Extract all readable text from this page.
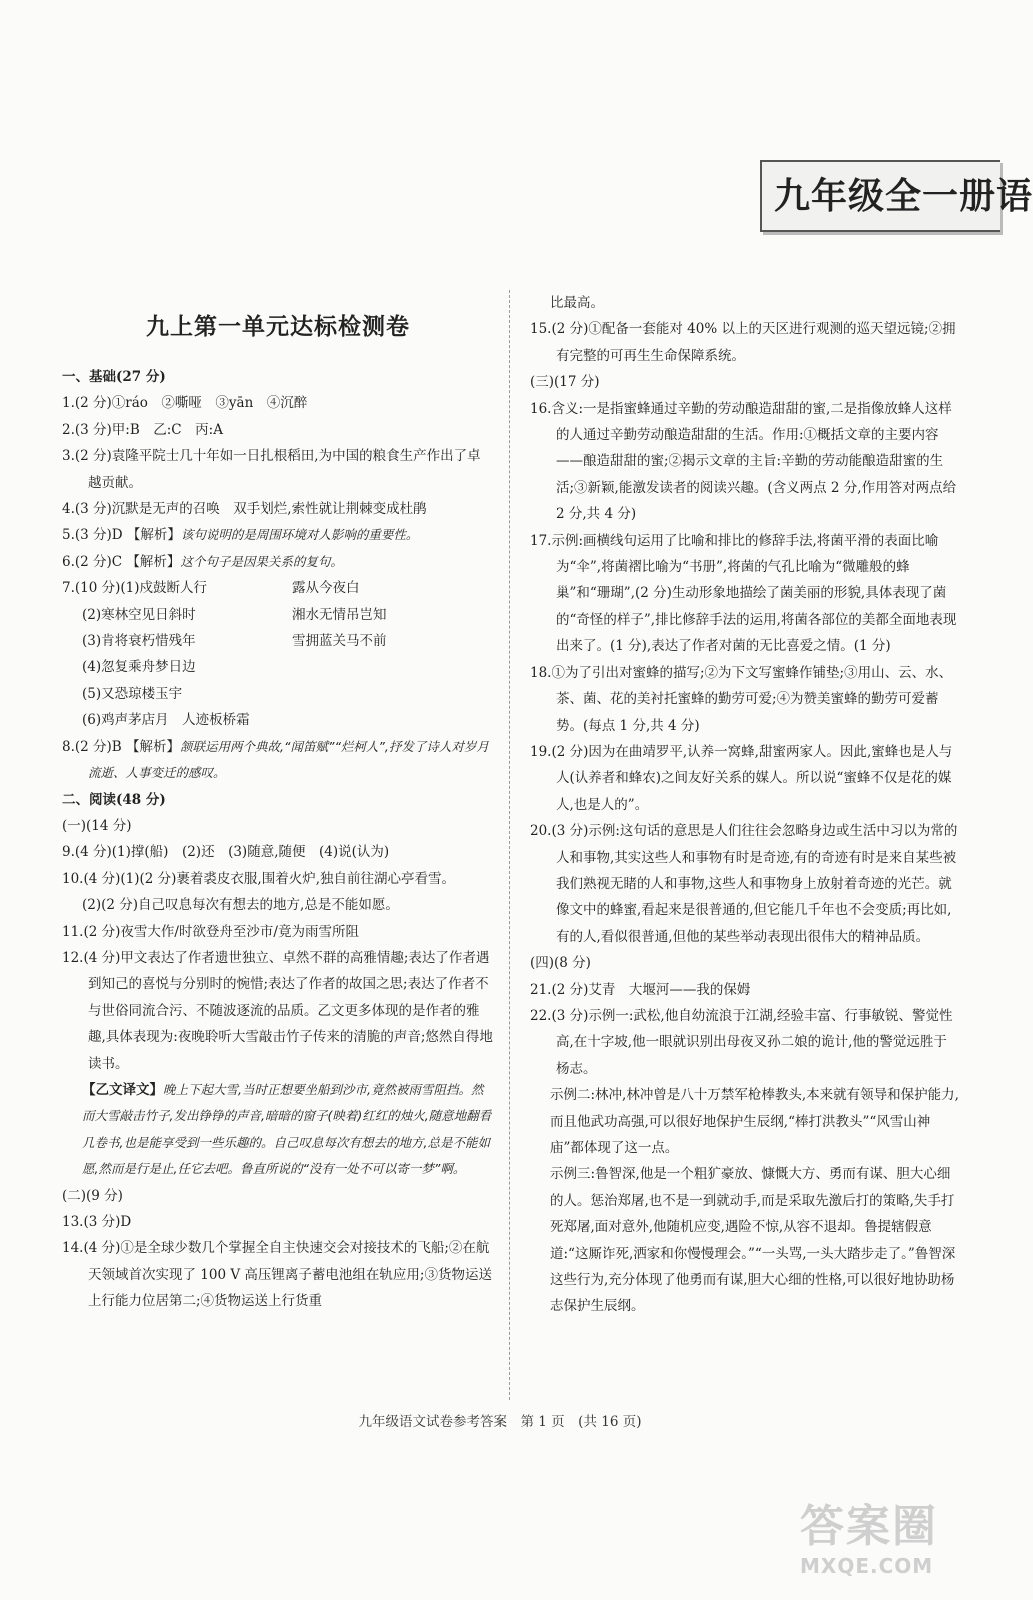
九年级全一册语
九上第一单元达标检测卷

一、基础(27 分)

1.(2 分)①ráo　②嘶哑　③yān　④沉醉

2.(3 分)甲:B　乙:C　丙:A

3.(2 分)袁隆平院士几十年如一日扎根稻田,为中国的粮食生产作出了卓越贡献。

4.(3 分)沉默是无声的召唤　双手划烂,索性就让荆棘变成杜鹃

5.(3 分)D 【解析】该句说明的是周围环境对人影响的重要性。

6.(2 分)C 【解析】这个句子是因果关系的复句。

7.(10 分)(1)戍鼓断人行	露从今夜白
(2)寒林空见日斜时	湘水无情吊岂知
(3)肯将衰朽惜残年	雪拥蓝关马不前
(4)忽复乘舟梦日边
(5)又恐琼楼玉宇
(6)鸡声茅店月　人迹板桥霜

8.(2 分)B 【解析】颔联运用两个典故,“闻笛赋”“烂柯人”,抒发了诗人对岁月流逝、人事变迁的感叹。

二、阅读(48 分)

(一)(14 分)

9.(4 分)(1)撑(船)　(2)还　(3)随意,随便　(4)说(认为)

10.(4 分)(1)(2 分)裹着裘皮衣服,围着火炉,独自前往湖心亭看雪。

(2)(2 分)自己叹息每次有想去的地方,总是不能如愿。

11.(2 分)夜雪大作/时欲登舟至沙市/竟为雨雪所阻

12.(4 分)甲文表达了作者遗世独立、卓然不群的高雅情趣;表达了作者遇到知己的喜悦与分别时的惋惜;表达了作者的故国之思;表达了作者不与世俗同流合污、不随波逐流的品质。乙文更多体现的是作者的雅趣,具体表现为:夜晚聆听大雪敲击竹子传来的清脆的声音;悠然自得地读书。

【乙文译文】晚上下起大雪,当时正想要坐船到沙市,竟然被雨雪阻挡。然而大雪敲击竹子,发出铮铮的声音,暗暗的窗子(映着)红红的烛火,随意地翻看几卷书,也是能享受到一些乐趣的。自己叹息每次有想去的地方,总是不能如愿,然而是行是止,任它去吧。鲁直所说的“没有一处不可以寄一梦”啊。

(二)(9 分)

13.(3 分)D

14.(4 分)①是全球少数几个掌握全自主快速交会对接技术的飞船;②在航天领域首次实现了 100 V 高压锂离子蓄电池组在轨应用;③货物运送上行能力位居第二;④货物运送上行货重

比最高。

15.(2 分)①配备一套能对 40% 以上的天区进行观测的巡天望远镜;②拥有完整的可再生生命保障系统。

(三)(17 分)

16.含义:一是指蜜蜂通过辛勤的劳动酿造甜甜的蜜,二是指像放蜂人这样的人通过辛勤劳动酿造甜甜的生活。作用:①概括文章的主要内容——酿造甜甜的蜜;②揭示文章的主旨:辛勤的劳动能酿造甜蜜的生活;③新颖,能激发读者的阅读兴趣。(含义两点 2 分,作用答对两点给 2 分,共 4 分)

17.示例:画横线句运用了比喻和排比的修辞手法,将菌平滑的表面比喻为“伞”,将菌褶比喻为“书册”,将菌的气孔比喻为“微雕般的蜂巢”和“珊瑚”,(2 分)生动形象地描绘了菌美丽的形貌,具体表现了菌的“奇怪的样子”,排比修辞手法的运用,将菌各部位的美都全面地表现出来了。(1 分),表达了作者对菌的无比喜爱之情。(1 分)

18.①为了引出对蜜蜂的描写;②为下文写蜜蜂作铺垫;③用山、云、水、茶、菌、花的美衬托蜜蜂的勤劳可爱;④为赞美蜜蜂的勤劳可爱蓄势。(每点 1 分,共 4 分)

19.(2 分)因为在曲靖罗平,认养一窝蜂,甜蜜两家人。因此,蜜蜂也是人与人(认养者和蜂农)之间友好关系的媒人。所以说“蜜蜂不仅是花的媒人,也是人的”。

20.(3 分)示例:这句话的意思是人们往往会忽略身边或生活中习以为常的人和事物,其实这些人和事物有时是奇迹,有的奇迹有时是来自某些被我们熟视无睹的人和事物,这些人和事物身上放射着奇迹的光芒。就像文中的蜂蜜,看起来是很普通的,但它能几千年也不会变质;再比如,有的人,看似很普通,但他的某些举动表现出很伟大的精神品质。

(四)(8 分)

21.(2 分)艾青　大堰河——我的保姆

22.(3 分)示例一:武松,他自幼流浪于江湖,经验丰富、行事敏锐、警觉性高,在十字坡,他一眼就识别出母夜叉孙二娘的诡计,他的警觉远胜于杨志。

示例二:林冲,林冲曾是八十万禁军枪棒教头,本来就有领导和保护能力,而且他武功高强,可以很好地保护生辰纲,“棒打洪教头”“风雪山神庙”都体现了这一点。

示例三:鲁智深,他是一个粗犷豪放、慷慨大方、勇而有谋、胆大心细的人。惩治郑屠,也不是一到就动手,而是采取先激后打的策略,失手打死郑屠,面对意外,他随机应变,遇险不惊,从容不退却。鲁提辖假意道:“这厮诈死,洒家和你慢慢理会。”“一头骂,一头大踏步走了。”鲁智深这些行为,充分体现了他勇而有谋,胆大心细的性格,可以很好地协助杨志保护生辰纲。

九年级语文试卷参考答案　第 1 页　(共 16 页)
答案圈
MXQE.COM
